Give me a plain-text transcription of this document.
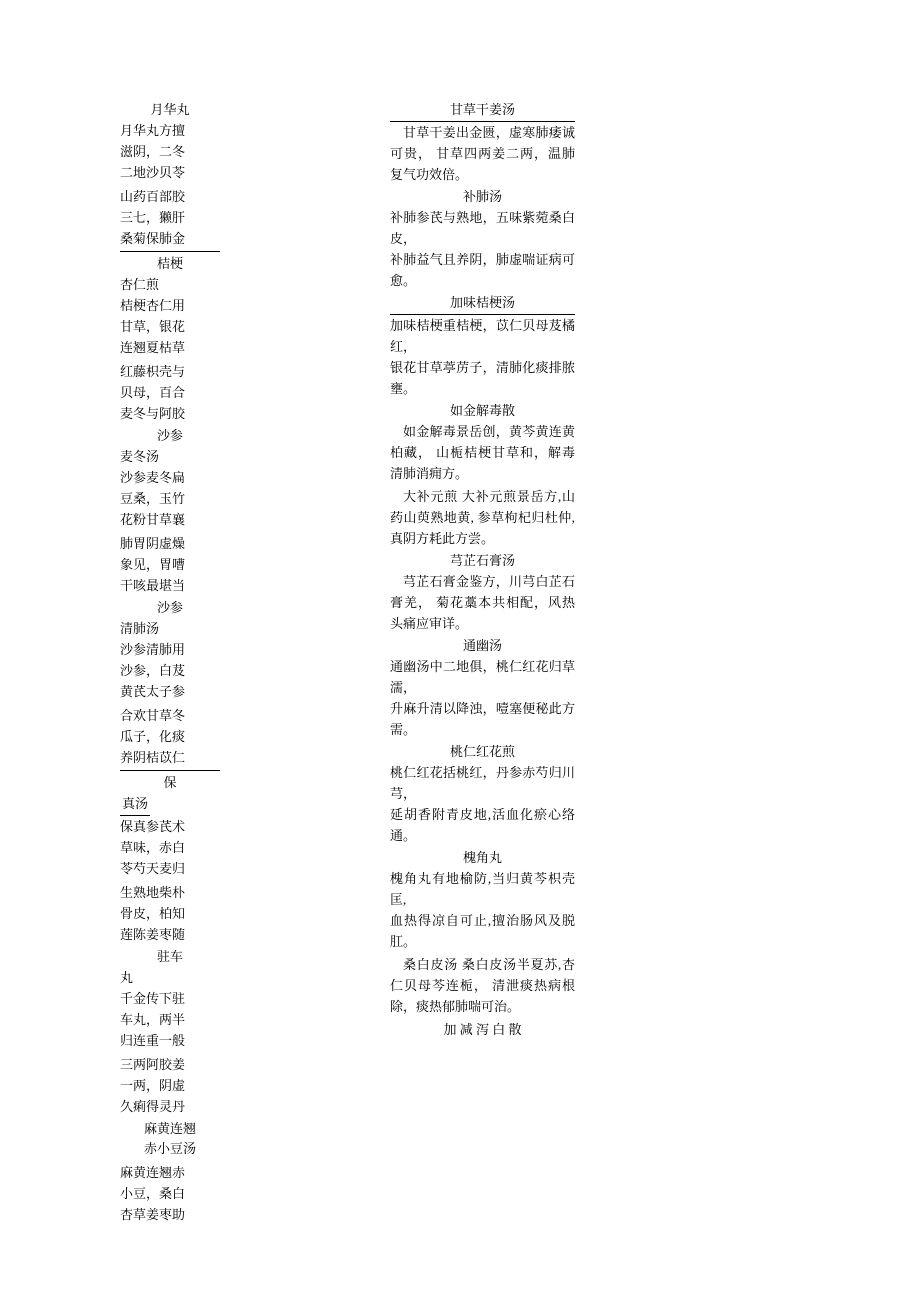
月华丸
月华丸方擅
滋阴，二冬
二地沙贝苓
山药百部胶
三七，獭肝
桑菊保肺金
桔梗
杏仁煎
桔梗杏仁用
甘草，银花
连翘夏枯草
红藤枳壳与
贝母，百合
麦冬与阿胶
沙参
麦冬汤
沙参麦冬扁
豆桑，玉竹
花粉甘草襄
肺胃阴虚燥
象见，胃嘈
干咳最堪当
沙参
清肺汤
沙参清肺用
沙参，白芨
黄芪太子参
合欢甘草冬
瓜子，化痰
养阴桔苡仁
保
真汤
保真参芪术
草味，赤白
苓芍天麦归
生熟地柴朴
骨皮，柏知
莲陈姜枣随
驻车
丸
千金传下驻
车丸，两半
归连重一般
三两阿胶姜
一两，阴虚
久痢得灵丹
麻黄连翘
赤小豆汤
麻黄连翘赤
小豆，桑白
杏草姜枣助
甘草干姜汤
甘草干姜出金匮，虚寒肺痿诚可贵， 甘草四两姜二两，温肺复气功效倍。
补肺汤
补肺参芪与熟地，五味紫菀桑白皮，
补肺益气且养阴，肺虚喘证病可愈。
加味桔梗汤
加味桔梗重桔梗，苡仁贝母芨橘红，
银花甘草葶苈子，清肺化痰排脓壅。
如金解毒散
如金解毒景岳创，黄芩黄连黄柏藏， 山栀桔梗甘草和，解毒清肺消痈方。
大补元煎 大补元煎景岳方,山药山萸熟地黄, 参草枸杞归杜仲,真阴方耗此方尝。
芎芷石膏汤
芎芷石膏金鉴方，川芎白芷石膏羌， 菊花藁本共相配，风热头痛应审详。
通幽汤
通幽汤中二地俱，桃仁红花归草濡，
升麻升清以降浊，噎塞便秘此方需。
桃仁红花煎
桃仁红花括桃红，丹参赤芍归川芎，
延胡香附青皮地,活血化瘀心络通。
槐角丸
槐角丸有地榆防,当归黄芩枳壳匡,
血热得凉自可止,擅治肠风及脱肛。
桑白皮汤 桑白皮汤半夏苏,杏仁贝母芩连栀， 清泄痰热病根除，痰热郁肺喘可治。
加 减 泻 白 散
